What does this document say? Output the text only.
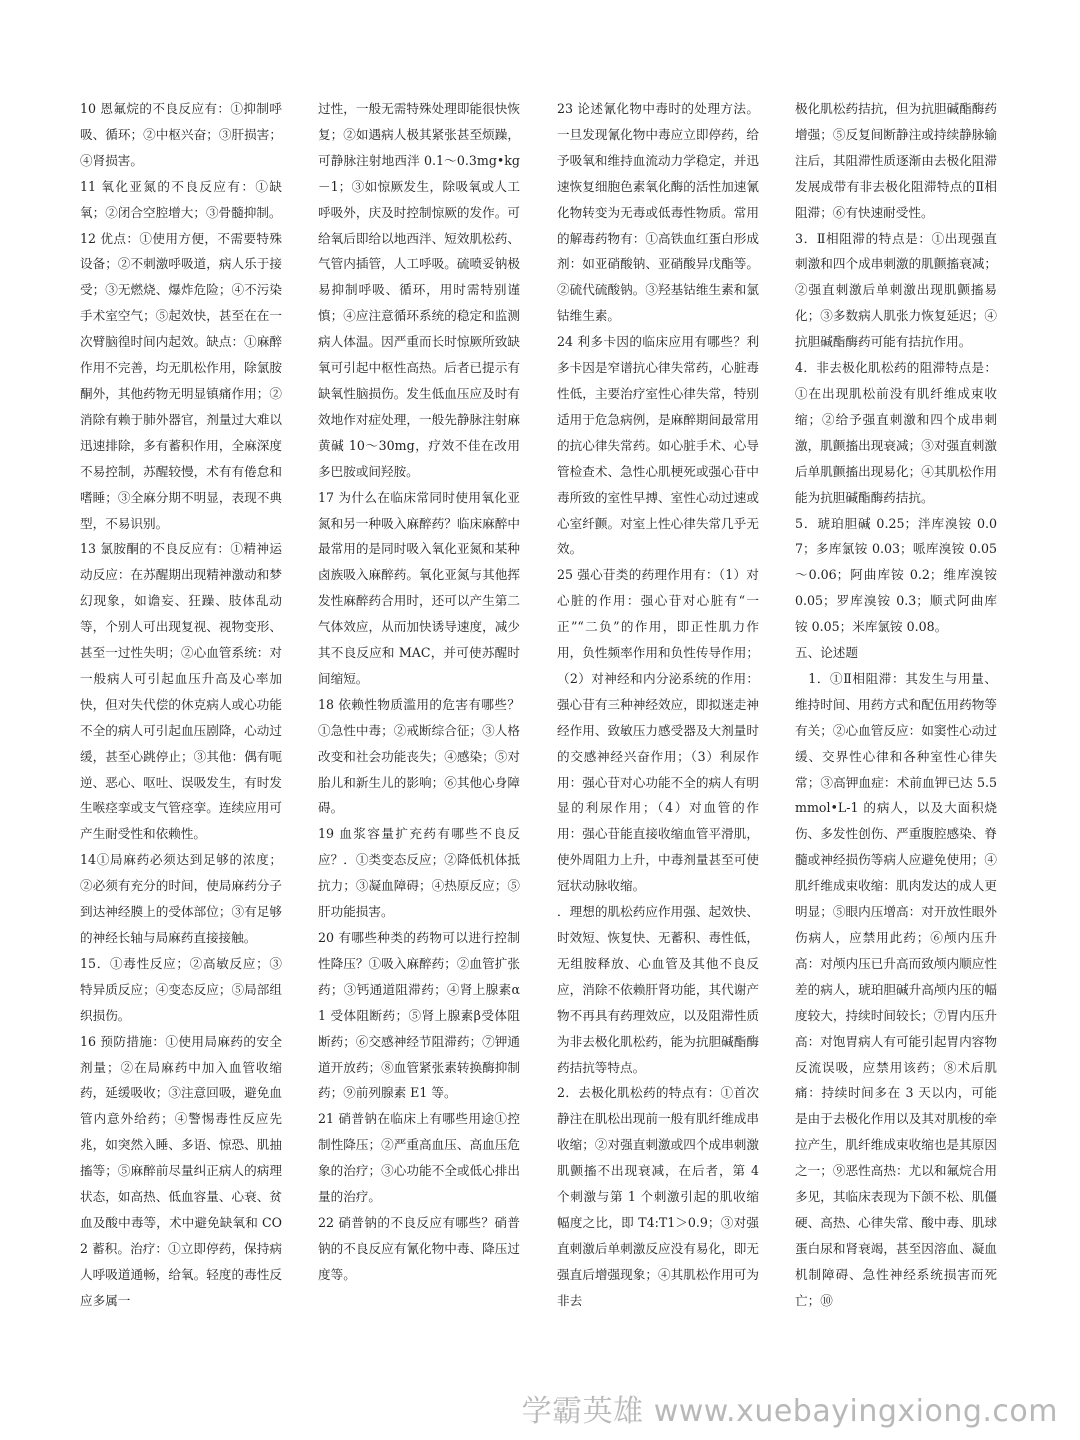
10 恩氟烷的不良反应有：①抑制呼吸、循环；②中枢兴奋；③肝损害；④肾损害。

11 氧化亚氮的不良反应有：①缺氧；②闭合空腔增大；③骨髓抑制。

12 优点：①使用方便，不需要特殊设备；②不刺激呼吸道，病人乐于接受；③无燃烧、爆炸危险；④不污染手术室空气；⑤起效快，甚至在在一次臂脑徨时间内起效。缺点：①麻醉作用不完善，均无肌松作用，除氯胺酮外，其他药物无明显镇痛作用；②消除有赖于肺外器官，剂量过大难以迅速排除，多有蓄积作用，全麻深度不易控制，苏醒较慢，术有有倦怠和嗜睡；③全麻分期不明显，表现不典型，不易识别。

13 氯胺酮的不良反应有：①精神运动反应：在苏醒期出现精神激动和梦幻现象，如谵妄、狂躁、肢体乱动等，个别人可出现复视、视物变形、甚至一过性失明；②心血管系统：对一般病人可引起血压升高及心率加快，但对失代偿的休克病人或心功能不全的病人可引起血压剧降，心动过缓，甚至心跳停止；③其他：偶有呃逆、恶心、呕吐、误吸发生，有时发生喉痉挛或支气管痉挛。连续应用可产生耐受性和依赖性。

14①局麻药必须达到足够的浓度；②必须有充分的时间，使局麻药分子到达神经膜上的受体部位；③有足够的神经长轴与局麻药直接接触。

15．①毒性反应；②高敏反应；③特异质反应；④变态反应；⑤局部组织损伤。

16 预防措施：①使用局麻药的安全剂量；②在局麻药中加入血管收缩药，延缓吸收；③注意回吸，避免血管内意外给药；④警惕毒性反应先兆，如突然入睡、多语、惊恐、肌抽搐等；⑤麻醉前尽量纠正病人的病理状态，如高热、低血容量、心衰、贫血及酸中毒等，术中避免缺氧和 CO2 蓄积。治疗：①立即停药，保持病人呼吸道通畅，给氧。轻度的毒性反应多属一

过性，一般无需特殊处理即能很快恢复；②如遇病人极其紧张甚至烦躁，可静脉注射地西泮 0.1～0.3mg•kg－1；③如惊厥发生，除吸氧或人工呼吸外，庆及时控制惊厥的发作。可给氧后即给以地西泮、短效肌松药、气管内插管，人工呼吸。硫喷妥钠极易抑制呼吸、循环，用时需特别谨慎；④应注意循环系统的稳定和监测病人体温。因严重而长时惊厥所致缺氧可引起中枢性高热。后者已提示有缺氧性脑损伤。发生低血压应及时有效地作对症处理，一般先静脉注射麻黄碱 10～30mg，疗效不佳在改用多巴胺或间羟胺。

17 为什么在临床常同时使用氧化亚氮和另一种吸入麻醉药？临床麻醉中最常用的是同时吸入氧化亚氮和某种卤族吸入麻醉药。氧化亚氮与其他挥发性麻醉药合用时，还可以产生第二气体效应，从而加快诱导速度，减少其不良反应和 MAC，并可使苏醒时间缩短。

18 依赖性物质滥用的危害有哪些？①急性中毒；②戒断综合征；③人格改变和社会功能丧失；④感染；⑤对胎儿和新生儿的影响；⑥其他心身障碍。

19 血浆容量扩充药有哪些不良反应？．①类变态反应；②降低机体抵抗力；③凝血障碍；④热原反应；⑤肝功能损害。

20 有哪些种类的药物可以进行控制性降压？①吸入麻醉药；②血管扩张药；③钙通道阻滞药；④肾上腺素α1 受体阻断药；⑤肾上腺素β受体阻断药；⑥交感神经节阻滞药；⑦钾通道开放药；⑧血管紧张素转换酶抑制药；⑨前列腺素 E1 等。

21 硝普钠在临床上有哪些用途①控制性降压；②严重高血压、高血压危象的治疗；③心功能不全或低心排出量的治疗。

22 硝普钠的不良反应有哪些？硝普钠的不良反应有氰化物中毒、降压过度等。

23 论述氰化物中毒时的处理方法。一旦发现氰化物中毒应立即停药，给予吸氧和维持血流动力学稳定，并迅速恢复细胞色素氧化酶的活性加速氰化物转变为无毒或低毒性物质。常用的解毒药物有：①高铁血红蛋白形成剂：如亚硝酸钠、亚硝酸异戊酯等。②硫代硫酸钠。③羟基钴维生素和氯钴维生素。

24 利多卡因的临床应用有哪些？利多卡因是窄谱抗心律失常药，心脏毒性低，主要治疗室性心律失常，特别适用于危急病例，是麻醉期间最常用的抗心律失常药。如心脏手术、心导管检查术、急性心肌梗死或强心苷中毒所致的室性早搏、室性心动过速或心室纤颤。对室上性心律失常几乎无效。

25 强心苷类的药理作用有：（1）对心脏的作用：强心苷对心脏有“一正”“二负”的作用，即正性肌力作用，负性频率作用和负性传导作用；（2）对神经和内分泌系统的作用：强心苷有三种神经效应，即拟迷走神经作用、致敏压力感受器及大剂量时的交感神经兴奋作用；（3）利尿作用：强心苷对心功能不全的病人有明显的利尿作用；（4）对血管的作用：强心苷能直接收缩血管平滑肌，使外周阻力上升，中毒剂量甚至可使冠状动脉收缩。

．理想的肌松药应作用强、起效快、时效短、恢复快、无蓄积、毒性低，无组胺释放、心血管及其他不良反应，消除不依赖肝肾功能，其代谢产物不再具有药理效应，以及阻滞性质为非去极化肌松药，能为抗胆碱酯酶药拮抗等特点。

2．去极化肌松药的特点有：①首次静注在肌松出现前一般有肌纤维成串收缩；②对强直刺激或四个成串刺激肌颤搐不出现衰减，在后者，第 4 个刺激与第 1 个刺激引起的肌收缩幅度之比，即 T4:T1＞0.9；③对强直刺激后单刺激反应没有易化，即无强直后增强现象；④其肌松作用可为非去

极化肌松药拮抗，但为抗胆碱酯酶药增强；⑤反复间断静注或持续静脉输注后，其阻滞性质逐渐由去极化阻滞发展成带有非去极化阻滞特点的Ⅱ相阻滞；⑥有快速耐受性。

3．Ⅱ相阻滞的特点是：①出现强直刺激和四个成串刺激的肌颤搐衰减；②强直刺激后单刺激出现肌颤搐易化；③多数病人肌张力恢复延迟；④抗胆碱酯酶药可能有拮抗作用。

4．非去极化肌松药的阻滞特点是：①在出现肌松前没有肌纤维成束收缩；②给予强直刺激和四个成串刺激，肌颤搐出现衰减；③对强直刺激后单肌颤搐出现易化；④其肌松作用能为抗胆碱酯酶药拮抗。

5．琥珀胆碱 0.25；泮库溴铵 0.07；多库氯铵 0.03；哌库溴铵 0.05～0.06；阿曲库铵 0.2；维库溴铵 0.05；罗库溴铵 0.3；顺式阿曲库铵 0.05；米库氯铵 0.08。

五、论述题

　1．①Ⅱ相阻滞：其发生与用量、维持时间、用药方式和配伍用药物等有关；②心血管反应：如窦性心动过缓、交界性心律和各种室性心律失常；③高钾血症：术前血钾已达 5.5mmol•L-1 的病人，以及大面积烧伤、多发性创伤、严重腹腔感染、脊髓或神经损伤等病人应避免使用；④肌纤维成束收缩：肌肉发达的成人更明显；⑤眼内压增高：对开放性眼外伤病人，应禁用此药；⑥颅内压升高：对颅内压已升高而致颅内顺应性差的病人，琥珀胆碱升高颅内压的幅度较大，持续时间较长；⑦胃内压升高：对饱胃病人有可能引起胃内容物反流误吸，应禁用该药；⑧术后肌痛：持续时间多在 3 天以内，可能是由于去极化作用以及其对肌梭的牵拉产生，肌纤维成束收缩也是其原因之一；⑨恶性高热：尤以和氟烷合用多见，其临床表现为下颌不松、肌僵硬、高热、心律失常、酸中毒、肌球蛋白尿和肾衰竭，甚至因溶血、凝血机制障碍、急性神经系统损害而死亡；⑩

学霸英雄 www.xuebayingxiong.com
